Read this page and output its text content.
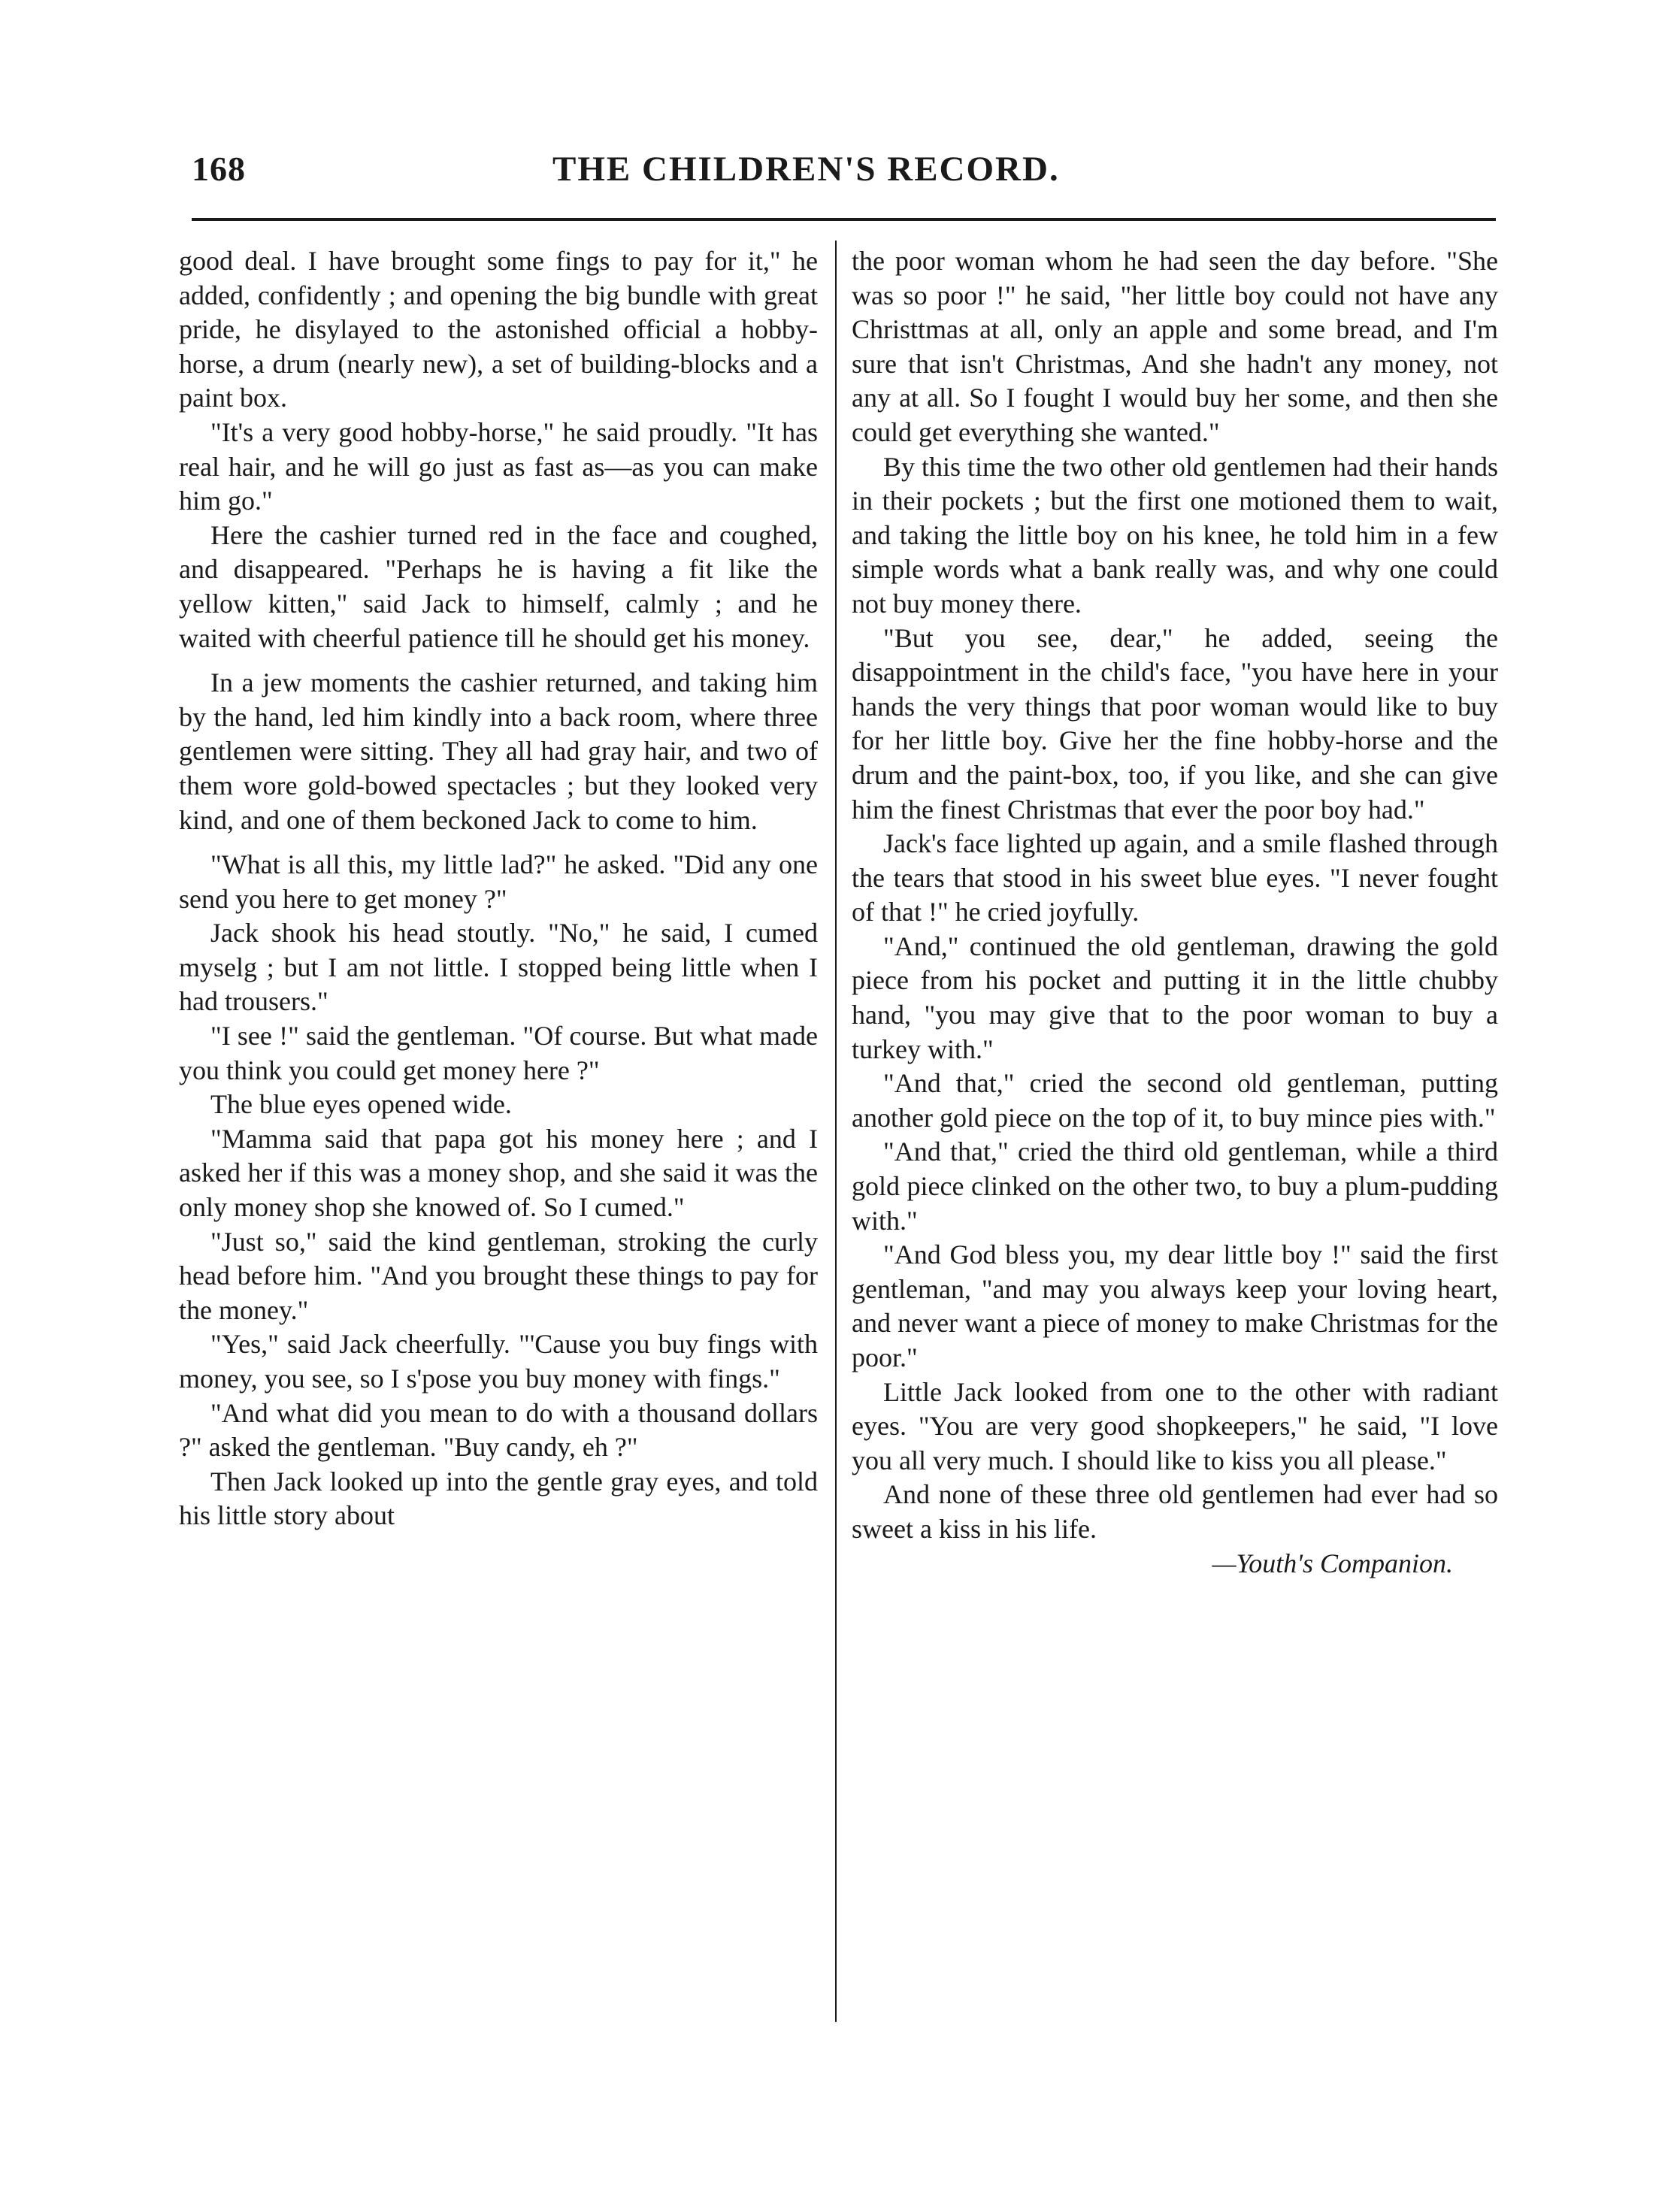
168	THE CHILDREN'S RECORD.

good deal. I have brought some fings to pay for it," he added, confidently ; and opening the big bundle with great pride, he disylayed to the astonished official a hobby-horse, a drum (nearly new), a set of building-blocks and a paint box.

"It's a very good hobby-horse," he said proudly. "It has real hair, and he will go just as fast as—as you can make him go."

Here the cashier turned red in the face and coughed, and disappeared. "Perhaps he is having a fit like the yellow kitten," said Jack to himself, calmly ; and he waited with cheerful patience till he should get his money.

In a jew moments the cashier returned, and taking him by the hand, led him kindly into a back room, where three gentlemen were sitting. They all had gray hair, and two of them wore gold-bowed spectacles ; but they looked very kind, and one of them beckoned Jack to come to him.

"What is all this, my little lad?" he asked. "Did any one send you here to get money ?"

Jack shook his head stoutly. "No," he said, I cumed myselg ; but I am not little. I stopped being little when I had trousers."

"I see !" said the gentleman. "Of course. But what made you think you could get money here ?"

The blue eyes opened wide.

"Mamma said that papa got his money here ; and I asked her if this was a money shop, and she said it was the only money shop she knowed of. So I cumed."

"Just so," said the kind gentleman, stroking the curly head before him. "And you brought these things to pay for the money."

"Yes," said Jack cheerfully. "'Cause you buy fings with money, you see, so I s'pose you buy money with fings."

"And what did you mean to do with a thousand dollars ?" asked the gentleman. "Buy candy, eh ?"

Then Jack looked up into the gentle gray eyes, and told his little story about

the poor woman whom he had seen the day before. "She was so poor !" he said, "her little boy could not have any Christtmas at all, only an apple and some bread, and I'm sure that isn't Christmas, And she hadn't any money, not any at all. So I fought I would buy her some, and then she could get everything she wanted."

By this time the two other old gentlemen had their hands in their pockets ; but the first one motioned them to wait, and taking the little boy on his knee, he told him in a few simple words what a bank really was, and why one could not buy money there.

"But you see, dear," he added, seeing the disappointment in the child's face, "you have here in your hands the very things that poor woman would like to buy for her little boy. Give her the fine hobby-horse and the drum and the paint-box, too, if you like, and she can give him the finest Christmas that ever the poor boy had."

Jack's face lighted up again, and a smile flashed through the tears that stood in his sweet blue eyes. "I never fought of that !" he cried joyfully.

"And," continued the old gentleman, drawing the gold piece from his pocket and putting it in the little chubby hand, "you may give that to the poor woman to buy a turkey with."

"And that," cried the second old gentleman, putting another gold piece on the top of it, to buy mince pies with."

"And that," cried the third old gentleman, while a third gold piece clinked on the other two, to buy a plum-pudding with."

"And God bless you, my dear little boy !" said the first gentleman, "and may you always keep your loving heart, and never want a piece of money to make Christmas for the poor."

Little Jack looked from one to the other with radiant eyes. "You are very good shopkeepers," he said, "I love you all very much. I should like to kiss you all please."

And none of these three old gentlemen had ever had so sweet a kiss in his life.

—Youth's Companion.
